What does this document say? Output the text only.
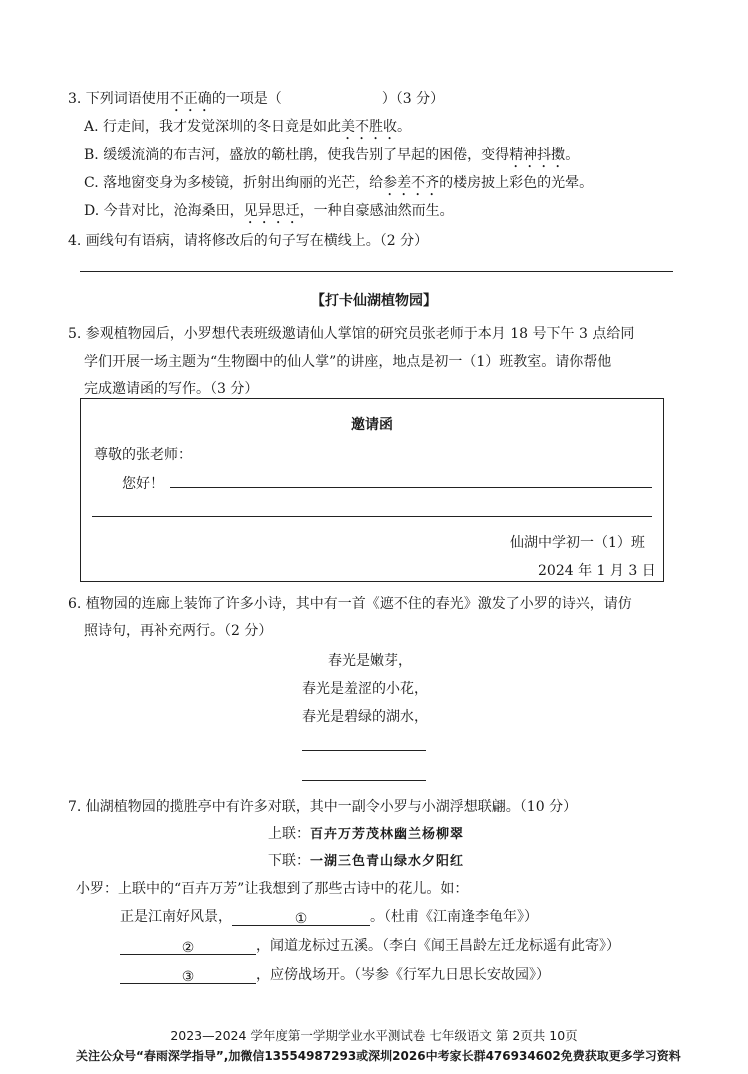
3. 下列词语使用不正确的一项是（	）（3 分）
A. 行走间，我才发觉深圳的冬日竟是如此美不胜收。
B. 缓缓流淌的布吉河，盛放的簕杜鹃，使我告别了早起的困倦，变得精神抖擞。
C. 落地窗变身为多棱镜，折射出绚丽的光芒，给参差不齐的楼房披上彩色的光晕。
D. 今昔对比，沧海桑田，见异思迁，一种自豪感油然而生。
4. 画线句有语病，请将修改后的句子写在横线上。（2 分）
【打卡仙湖植物园】
5. 参观植物园后，小罗想代表班级邀请仙人掌馆的研究员张老师于本月 18 号下午 3 点给同
学们开展一场主题为“生物圈中的仙人掌”的讲座，地点是初一（1）班教室。请你帮他
完成邀请函的写作。（3 分）
邀请函
尊敬的张老师：
您好！
仙湖中学初一（1）班
2024 年 1 月 3 日
6. 植物园的连廊上装饰了许多小诗，其中有一首《遮不住的春光》激发了小罗的诗兴，请仿
照诗句，再补充两行。（2 分）
春光是嫩芽，
春光是羞涩的小花，
春光是碧绿的湖水，
7. 仙湖植物园的揽胜亭中有许多对联，其中一副令小罗与小湖浮想联翩。（10 分）
上联：百卉万芳茂林幽兰杨柳翠
下联：一湖三色青山绿水夕阳红
小罗：上联中的“百卉万芳”让我想到了那些古诗中的花儿。如：
正是江南好风景，	①	。（杜甫《江南逢李龟年》）
②	，闻道龙标过五溪。（李白《闻王昌龄左迁龙标遥有此寄》）
③	，应傍战场开。（岑参《行军九日思长安故园》）
2023—2024 学年度第一学期学业水平测试卷 七年级语文 第 2页共 10页
关注公众号“春雨深学指导”,加微信13554987293或深圳2026中考家长群476934602免费获取更多学习资料
